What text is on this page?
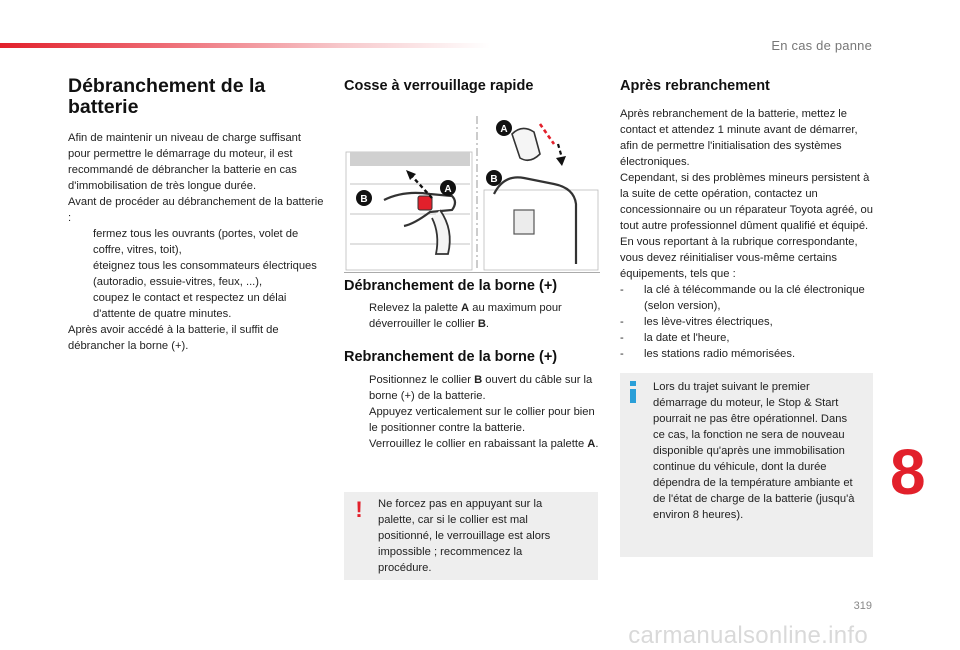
En cas de panne
Débranchement de la batterie

Afin de maintenir un niveau de charge suffisant pour permettre le démarrage du moteur, il est recommandé de débrancher la batterie en cas d'immobilisation de très longue durée.

Avant de procéder au débranchement de la batterie :

fermez tous les ouvrants (portes, volet de coffre, vitres, toit),

éteignez tous les consommateurs électriques (autoradio, essuie-vitres, feux, ...),

coupez le contact et respectez un délai d'attente de quatre minutes.

Après avoir accédé à la batterie, il suffit de débrancher la borne (+).

Cosse à verrouillage rapide
A
B
A
B
Débranchement de la borne (+)

Relevez la palette A au maximum pour déverrouiller le collier B.

Rebranchement de la borne (+)

Positionnez le collier B ouvert du câble sur la borne (+) de la batterie.

Appuyez verticalement sur le collier pour bien le positionner contre la batterie.

Verrouillez le collier en rabaissant la palette A.

! Ne forcez pas en appuyant sur la palette, car si le collier est mal positionné, le verrouillage est alors impossible ; recommencez la procédure.
Après rebranchement

Après rebranchement de la batterie, mettez le contact et attendez 1 minute avant de démarrer, afin de permettre l'initialisation des systèmes électroniques.

Cependant, si des problèmes mineurs persistent à la suite de cette opération, contactez un concessionnaire ou un réparateur Toyota agréé, ou tout autre professionnel dûment qualifié et équipé.

En vous reportant à la rubrique correspondante, vous devez réinitialiser vous-même certains équipements, tels que :

- la clé à télécommande ou la clé électronique (selon version),

- les lève-vitres électriques,

- la date et l'heure,

- les stations radio mémorisées.

Lors du trajet suivant le premier démarrage du moteur, le Stop & Start pourrait ne pas être opérationnel. Dans ce cas, la fonction ne sera de nouveau disponible qu'après une immobilisation continue du véhicule, dont la durée dépendra de la température ambiante et de l'état de charge de la batterie (jusqu'à environ 8 heures).
8
319
carmanualsonline.info
